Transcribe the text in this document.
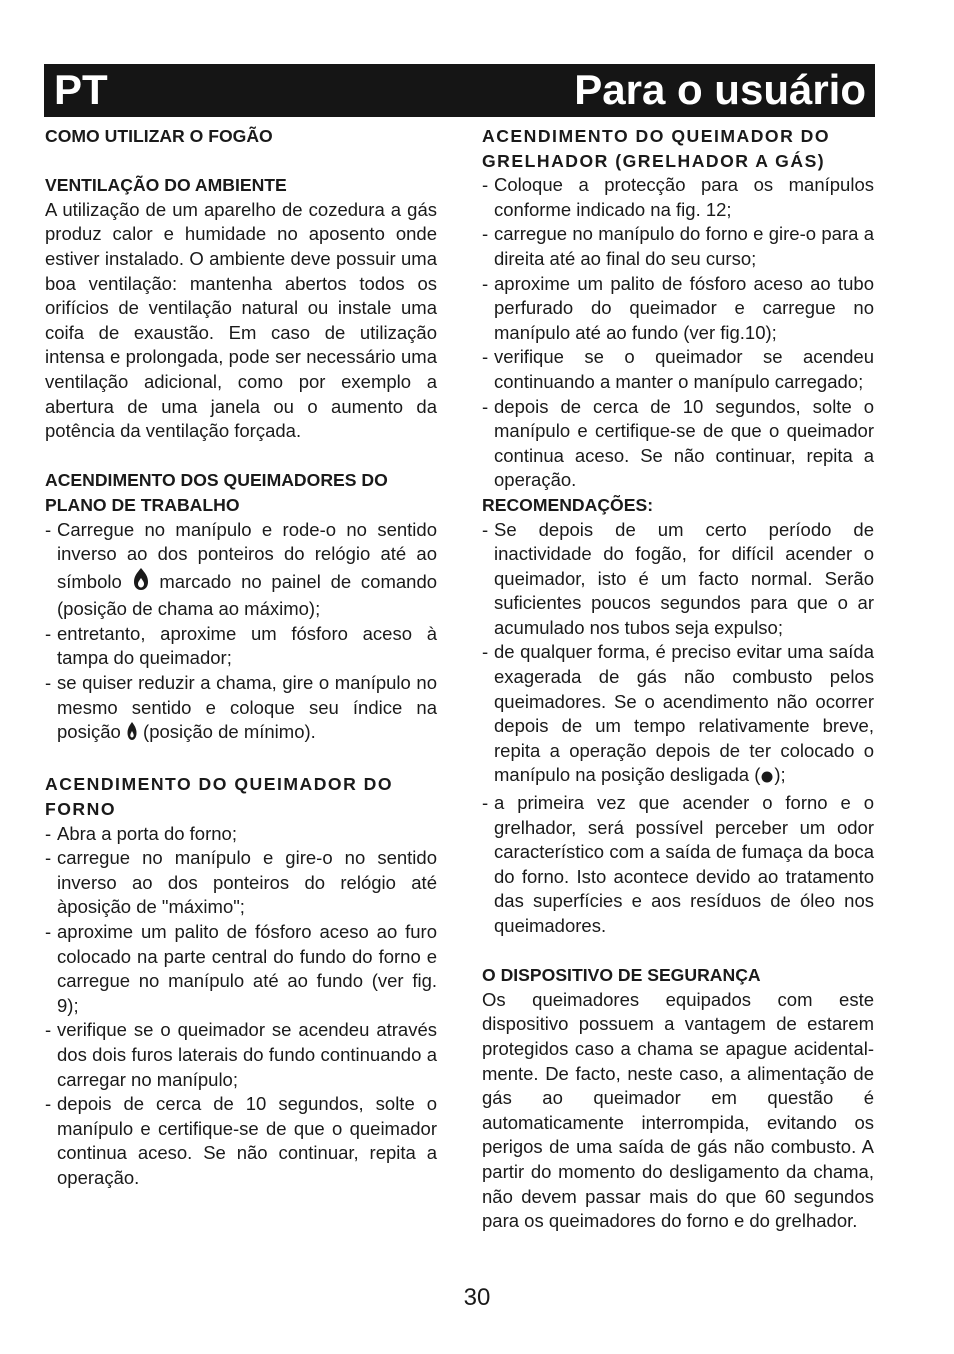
PT	Para o usuário
COMO UTILIZAR O FOGÃO
VENTILAÇÃO DO AMBIENTE

A utilização de um aparelho de cozedura a gás produz calor e humidade no aposento onde estiver instalado. O ambiente deve possuir uma boa ventilação: mantenha abertos todos os orifícios de ventilação natural ou instale uma coifa de exaustão. Em caso de utilização intensa e prolongada, pode ser necessário uma ventilação adicional, como por exemplo a abertura de uma janela ou o aumento da potência da ventilação forçada.

ACENDIMENTO DOS QUEIMADORES DO PLANO DE TRABALHO
- Carregue no manípulo e rode-o no sentido inverso ao dos ponteiros do relógio até ao símbolo marcado no painel de comando (posição de chama ao máximo);
- entretanto, aproxime um fósforo aceso à tampa do queimador;
- se quiser reduzir a chama, gire o manípulo no mesmo sentido e coloque seu índice na posição (posição de mínimo).
ACENDIMENTO DO QUEIMADOR DO FORNO
- Abra a porta do forno;
- carregue no manípulo e gire-o no sentido inverso ao dos ponteiros do relógio até àposição de "máximo";
- aproxime um palito de fósforo aceso ao furo colocado na parte central do fundo do forno e carregue no manípulo até ao fundo (ver fig. 9);
- verifique se o queimador se acendeu através dos dois furos laterais do fundo continuando a carregar no manípulo;
- depois de cerca de 10 segundos, solte o manípulo e certifique-se de que o queimador continua aceso. Se não continuar, repita a operação.
ACENDIMENTO DO QUEIMADOR DO GRELHADOR (GRELHADOR A GÁS)
- Coloque a protecção para os manípulos conforme indicado na fig. 12;
- carregue no manípulo do forno e gire-o para a direita até ao final do seu curso;
- aproxime um palito de fósforo aceso ao tubo perfurado do queimador e carregue no manípulo até ao fundo (ver fig.10);
- verifique se o queimador se acendeu continuando a manter o manípulo carregado;
- depois de cerca de 10 segundos, solte o manípulo e certifique-se de que o queimador continua aceso. Se não continuar, repita a operação.
RECOMENDAÇÕES:
- Se depois de um certo período de inactividade do fogão, for difícil acender o queimador, isto é um facto normal. Serão suficientes poucos segundos para que o ar acumulado nos tubos seja expulso;
- de qualquer forma, é preciso evitar uma saída exagerada de gás não combusto pelos queimadores. Se o acendimento não ocorrer depois de um tempo relativamente breve, repita a operação depois de ter colocado o manípulo na posição desligada ( );
- a primeira vez que acender o forno e o grelhador, será possível perceber um odor característico com a saída de fumaça da boca do forno. Isto acontece devido ao tratamento das superfícies e aos resíduos de óleo nos queimadores.
O DISPOSITIVO DE SEGURANÇA

Os queimadores equipados com este dispositivo possuem a vantagem de estarem protegidos caso a chama se apague acidental-mente. De facto, neste caso, a alimentação de gás ao queimador em questão é automaticamente interrompida, evitando os perigos de uma saída de gás não combusto. A partir do momento do desligamento da chama, não devem passar mais do que 60 segundos para os queimadores do forno e do grelhador.

30
